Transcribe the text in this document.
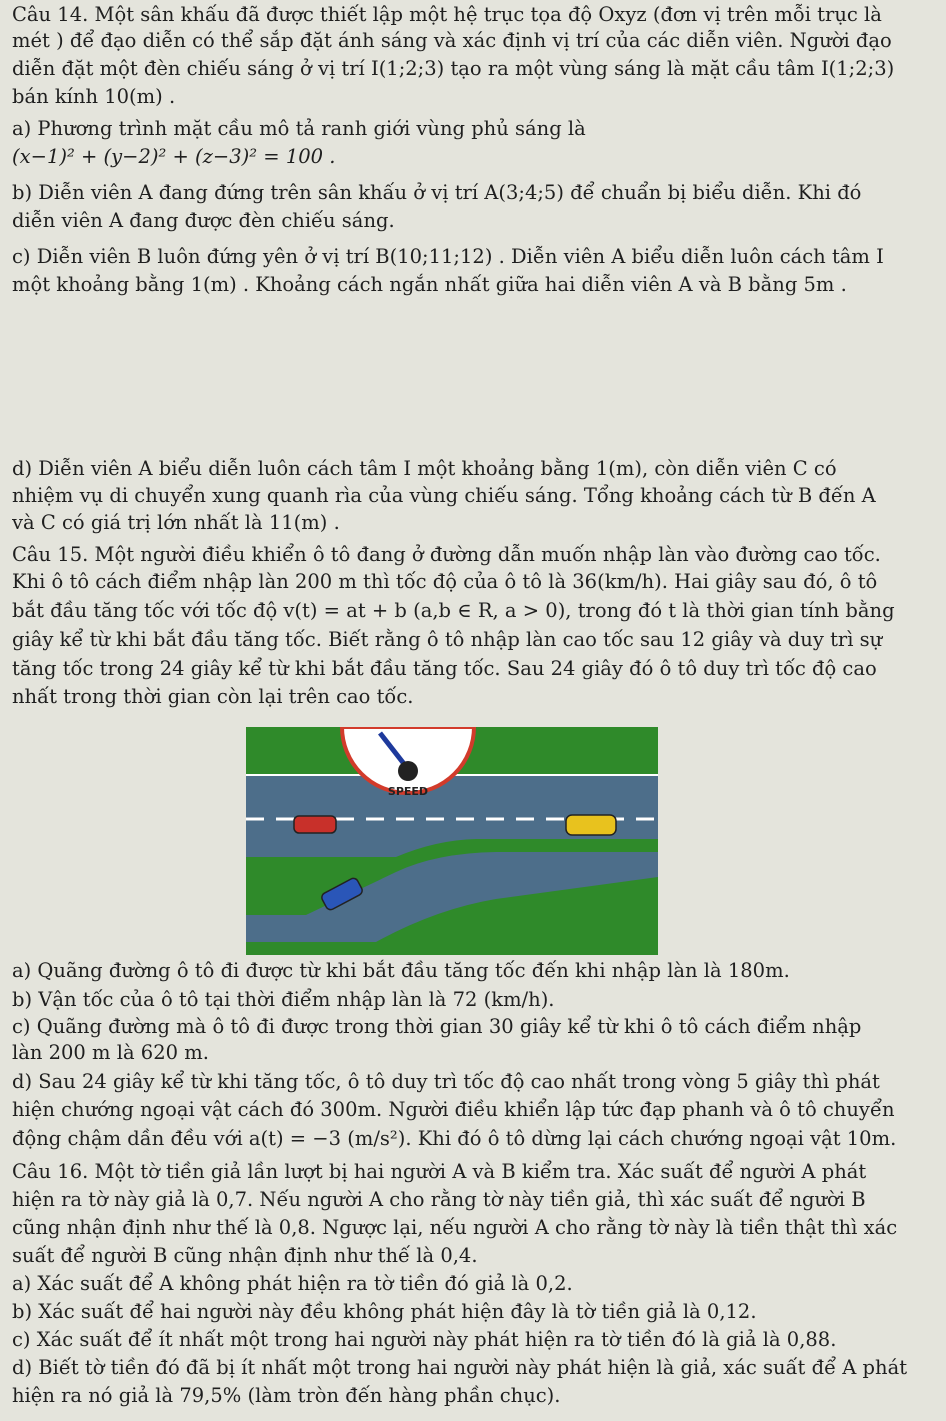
Câu 14. Một sân khấu đã được thiết lập một hệ trục tọa độ Oxyz (đơn vị trên mỗi trục là
mét ) để đạo diễn có thể sắp đặt ánh sáng và xác định vị trí của các diễn viên. Người đạo
diễn đặt một đèn chiếu sáng ở vị trí I(1;2;3) tạo ra một vùng sáng là mặt cầu tâm I(1;2;3)
bán kính 10(m) .
a) Phương trình mặt cầu mô tả ranh giới vùng phủ sáng là
(x−1)² + (y−2)² + (z−3)² = 100 .
b) Diễn viên A đang đứng trên sân khấu ở vị trí A(3;4;5) để chuẩn bị biểu diễn. Khi đó
diễn viên A đang được đèn chiếu sáng.
c) Diễn viên B luôn đứng yên ở vị trí B(10;11;12) . Diễn viên A biểu diễn luôn cách tâm I
một khoảng bằng 1(m) . Khoảng cách ngắn nhất giữa hai diễn viên A và B bằng 5m .
d) Diễn viên A biểu diễn luôn cách tâm I một khoảng bằng 1(m), còn diễn viên C có
nhiệm vụ di chuyển xung quanh rìa của vùng chiếu sáng. Tổng khoảng cách từ B đến A
và C có giá trị lớn nhất là 11(m) .
Câu 15. Một người điều khiển ô tô đang ở đường dẫn muốn nhập làn vào đường cao tốc.
Khi ô tô cách điểm nhập làn 200 m thì tốc độ của ô tô là 36(km/h). Hai giây sau đó, ô tô
bắt đầu tăng tốc với tốc độ v(t) = at + b (a,b ∈ R, a > 0), trong đó t là thời gian tính bằng
giây kể từ khi bắt đầu tăng tốc. Biết rằng ô tô nhập làn cao tốc sau 12 giây và duy trì sự
tăng tốc trong 24 giây kể từ khi bắt đầu tăng tốc. Sau 24 giây đó ô tô duy trì tốc độ cao
nhất trong thời gian còn lại trên cao tốc.
SPEED
a) Quãng đường ô tô đi được từ khi bắt đầu tăng tốc đến khi nhập làn là 180m.
b) Vận tốc của ô tô tại thời điểm nhập làn là 72 (km/h).
c) Quãng đường mà ô tô đi được trong thời gian 30 giây kể từ khi ô tô cách điểm nhập
làn 200 m là 620 m.
d) Sau 24 giây kể từ khi tăng tốc, ô tô duy trì tốc độ cao nhất trong vòng 5 giây thì phát
hiện chướng ngoại vật cách đó 300m. Người điều khiển lập tức đạp phanh và ô tô chuyển
động chậm dần đều với a(t) = −3 (m/s²). Khi đó ô tô dừng lại cách chướng ngoại vật 10m.
Câu 16. Một tờ tiền giả lần lượt bị hai người A và B kiểm tra. Xác suất để người A phát
hiện ra tờ này giả là 0,7. Nếu người A cho rằng tờ này tiền giả, thì xác suất để người B
cũng nhận định như thế là 0,8. Ngược lại, nếu người A cho rằng tờ này là tiền thật thì xác
suất để người B cũng nhận định như thế là 0,4.
a) Xác suất để A không phát hiện ra tờ tiền đó giả là 0,2.
b) Xác suất để hai người này đều không phát hiện đây là tờ tiền giả là 0,12.
c) Xác suất để ít nhất một trong hai người này phát hiện ra tờ tiền đó là giả là 0,88.
d) Biết tờ tiền đó đã bị ít nhất một trong hai người này phát hiện là giả, xác suất để A phát
hiện ra nó giả là 79,5% (làm tròn đến hàng phần chục).
